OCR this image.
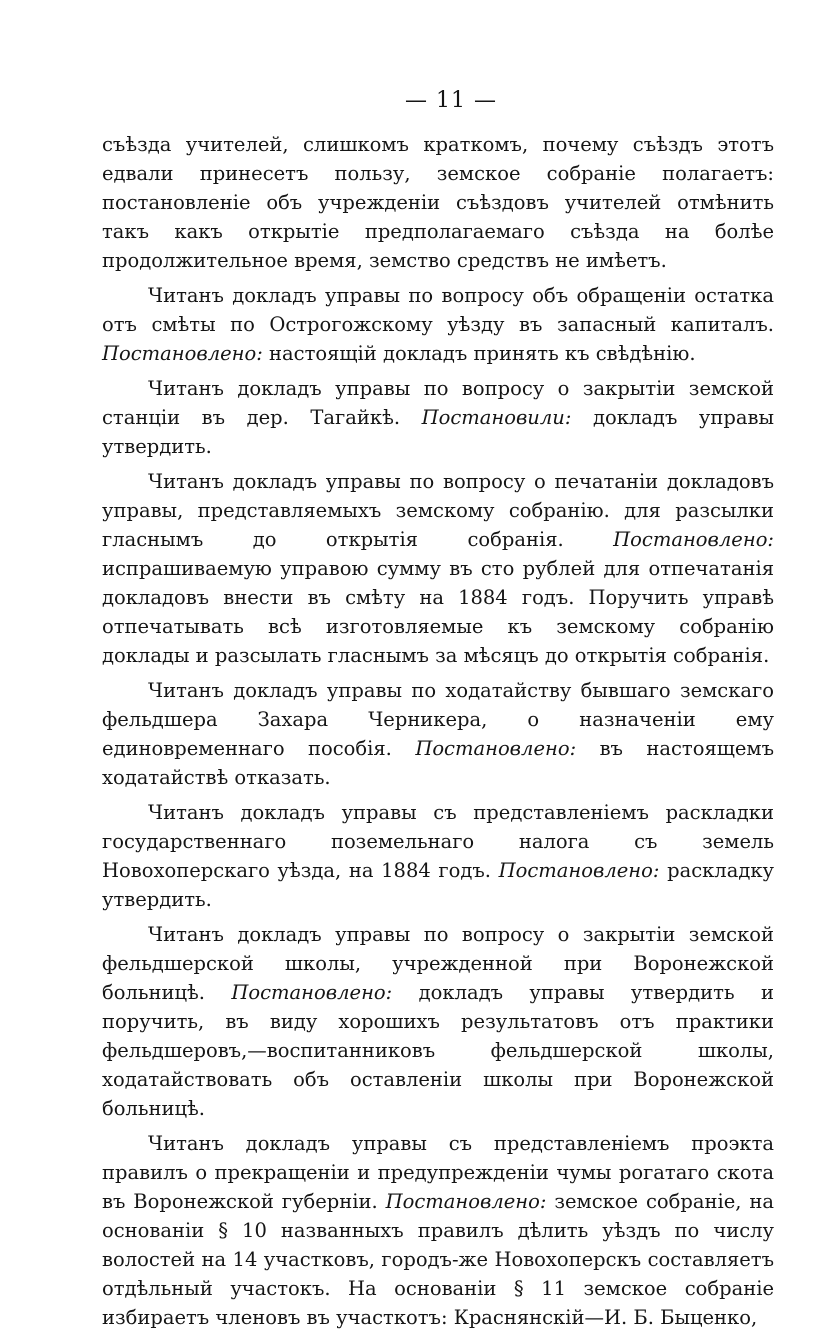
— 11 —

съѣзда учителей, слишкомъ краткомъ, почему съѣздъ этотъ едвали принесетъ пользу, земское собраніе полагаетъ: постановленіе объ учрежденіи съѣздовъ учителей отмѣнить такъ какъ открытіе предполагаемаго съѣзда на болѣе продолжительное время, земство средствъ не имѣетъ.

Читанъ докладъ управы по вопросу объ обращеніи остатка отъ смѣты по Острогожскому уѣзду въ запасный капиталъ. Постановлено: настоящій докладъ принять къ свѣдѣнію.

Читанъ докладъ управы по вопросу о закрытіи земской станціи въ дер. Тагайкѣ. Постановили: докладъ управы утвердить.

Читанъ докладъ управы по вопросу о печатаніи докладовъ управы, представляемыхъ земскому собранію. для разсылки гласнымъ до открытія собранія. Постановлено: испрашиваемую управою сумму въ сто рублей для отпечатанія докладовъ внести въ смѣту на 1884 годъ. Поручить управѣ отпечатывать всѣ изготовляемые къ земскому собранію доклады и разсылать гласнымъ за мѣсяцъ до открытія собранія.

Читанъ докладъ управы по ходатайству бывшаго земскаго фельдшера Захара Черникера, о назначеніи ему единовременнаго пособія. Постановлено: въ настоящемъ ходатайствѣ отказать.

Читанъ докладъ управы съ представленіемъ раскладки государственнаго поземельнаго налога съ земель Новохоперскаго уѣзда, на 1884 годъ. Постановлено: раскладку утвердить.

Читанъ докладъ управы по вопросу о закрытіи земской фельдшерской школы, учрежденной при Воронежской больницѣ. Постановлено: докладъ управы утвердить и поручить, въ виду хорошихъ результатовъ отъ практики фельдшеровъ,—воспитанниковъ фельдшерской школы, ходатайствовать объ оставленіи школы при Воронежской больницѣ.

Читанъ докладъ управы съ представленіемъ проэкта правилъ о прекращеніи и предупрежденіи чумы рогатаго скота въ Воронежской губерніи. Постановлено: земское собраніе, на основаніи § 10 названныхъ правилъ дѣлить уѣздъ по числу волостей на 14 участковъ, городъ-же Новохоперскъ составляетъ отдѣльный участокъ. На основаніи § 11 земское собраніе избираетъ членовъ въ участкотъ: Краснянскій—И. Б. Быценко,
